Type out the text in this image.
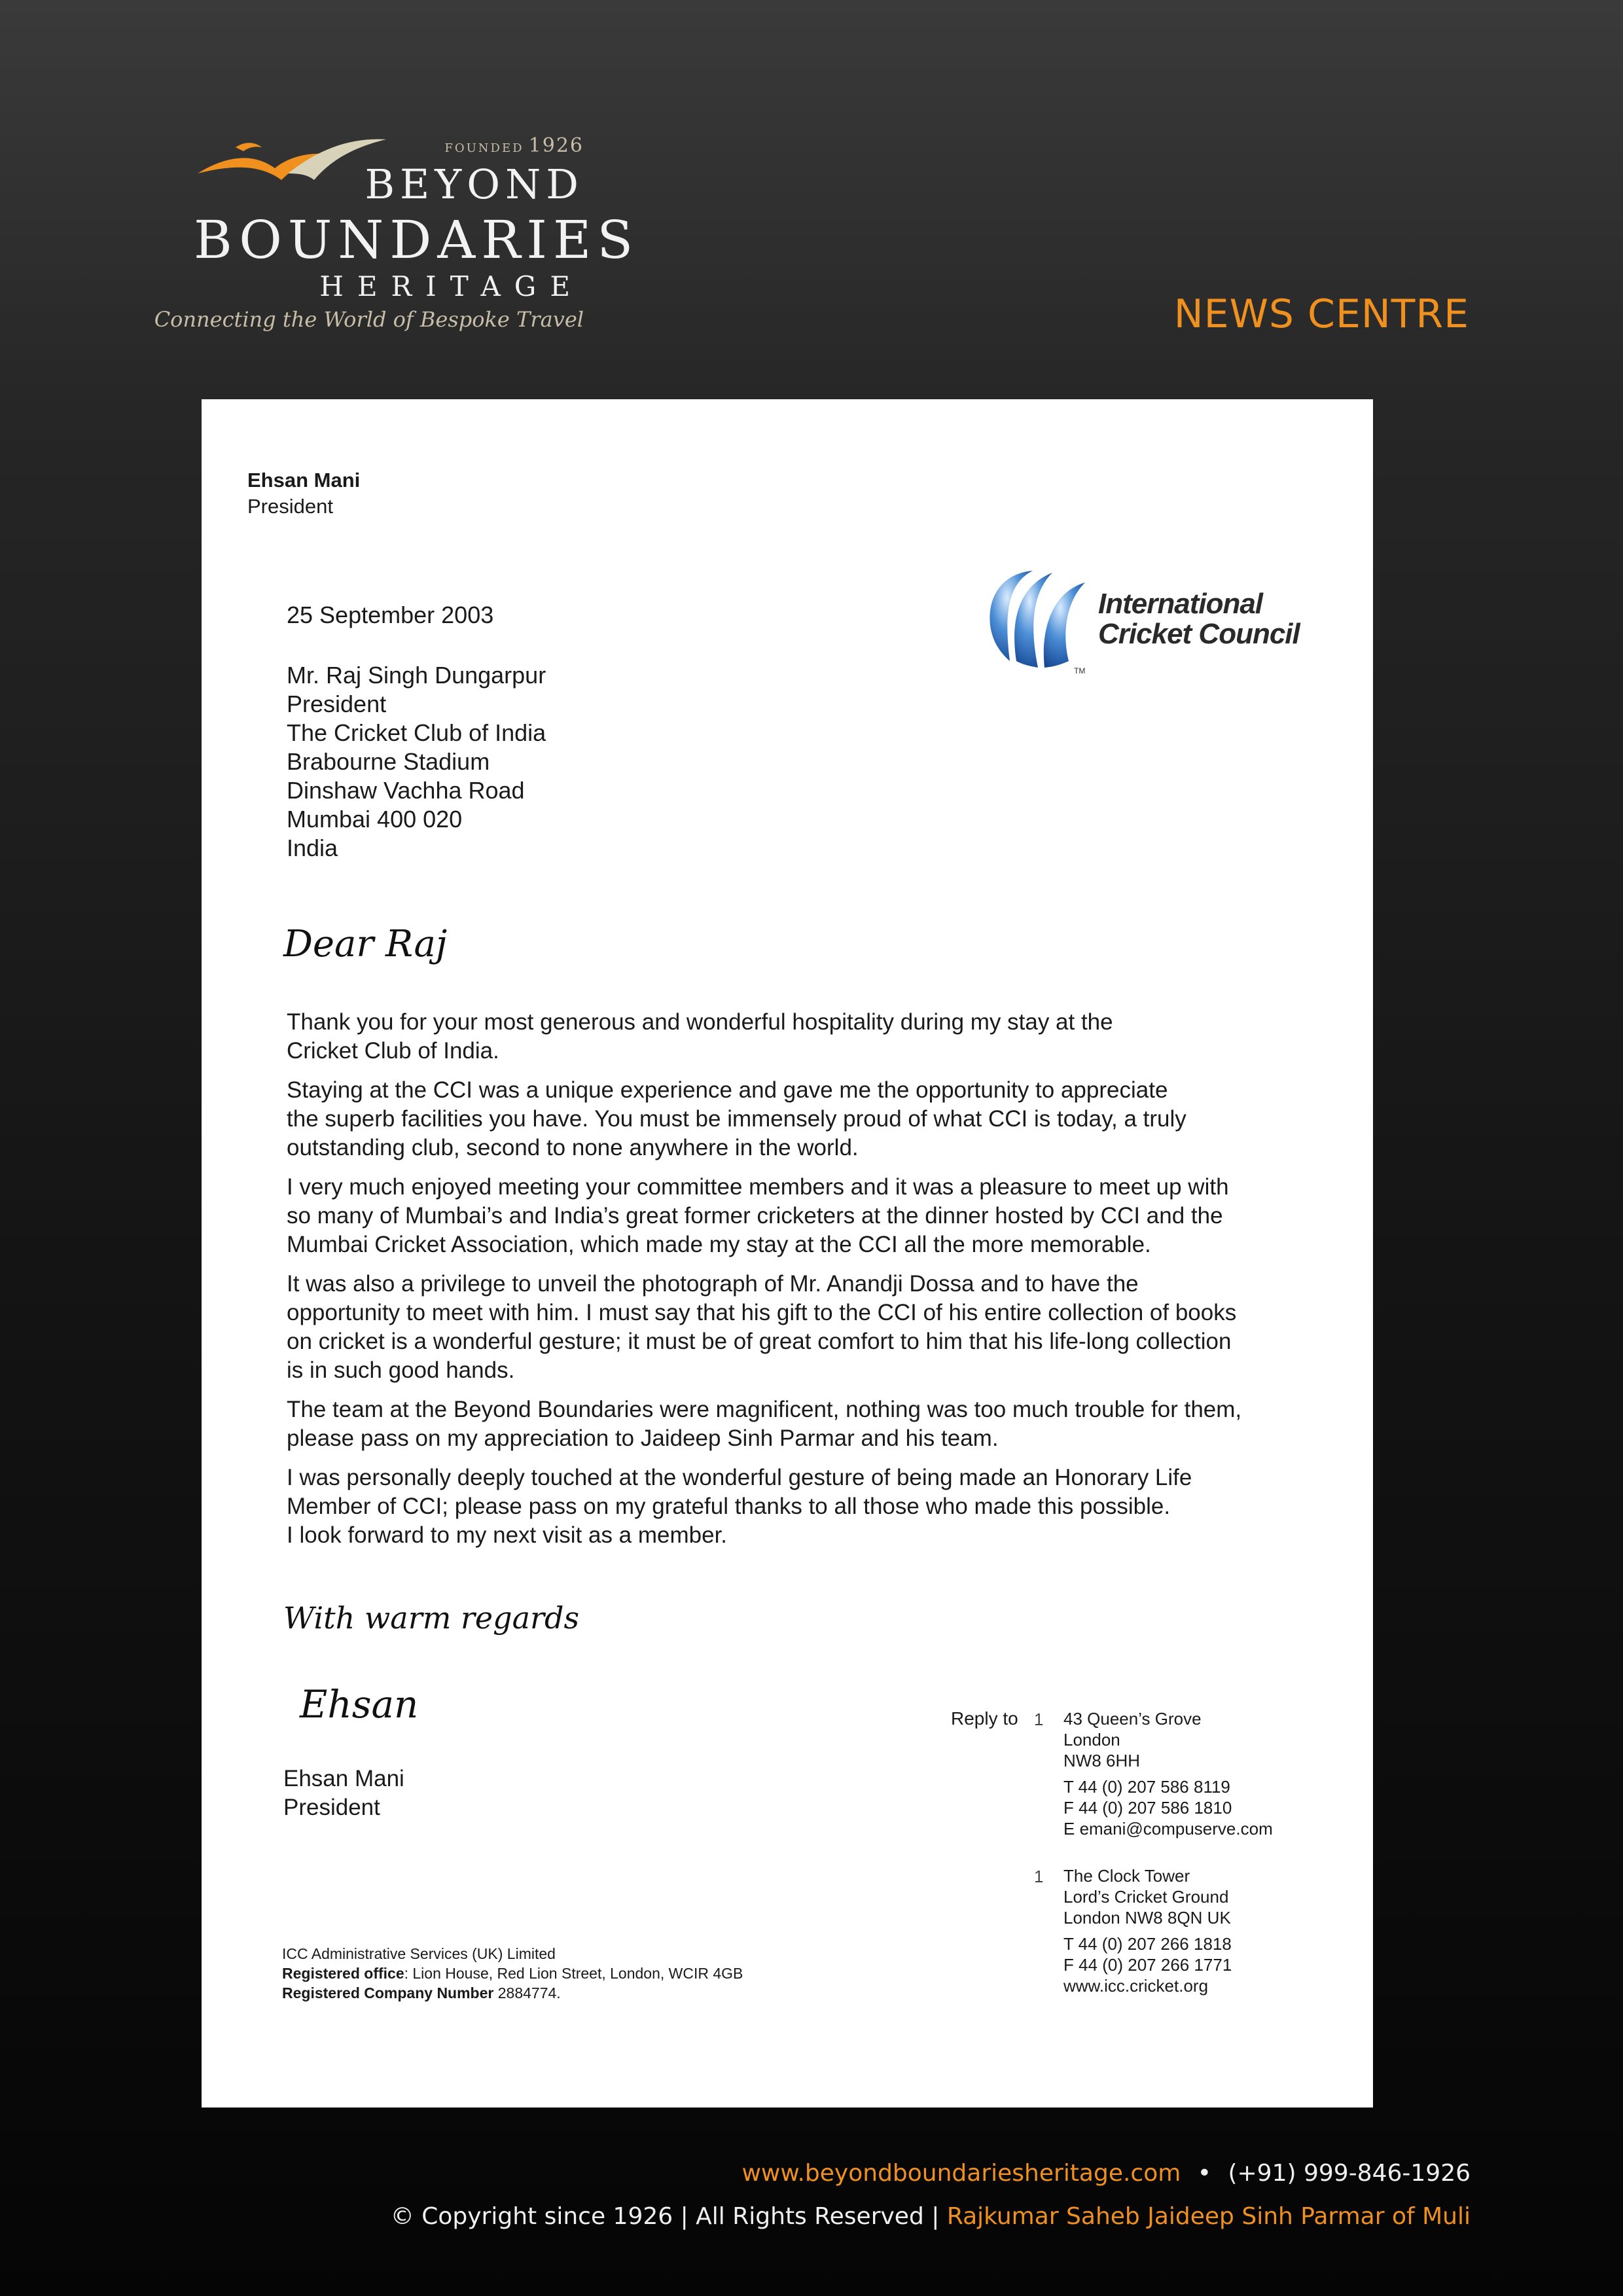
FOUNDED 1926
BEYOND
BOUNDARIES
HERITAGE
Connecting the World of Bespoke Travel	NEWS CENTRE
Ehsan Mani
President
International
Cricket Council
TM
25 September 2003
Mr. Raj Singh Dungarpur
President
The Cricket Club of India
Brabourne Stadium
Dinshaw Vachha Road
Mumbai 400 020
India
Dear Raj
Thank you for your most generous and wonderful hospitality during my stay at the
Cricket Club of India.
Staying at the CCI was a unique experience and gave me the opportunity to appreciate
the superb facilities you have. You must be immensely proud of what CCI is today, a truly
outstanding club, second to none anywhere in the world.
I very much enjoyed meeting your committee members and it was a pleasure to meet up with
so many of Mumbai’s and India’s great former cricketers at the dinner hosted by CCI and the
Mumbai Cricket Association, which made my stay at the CCI all the more memorable.
It was also a privilege to unveil the photograph of Mr. Anandji Dossa and to have the
opportunity to meet with him. I must say that his gift to the CCI of his entire collection of books
on cricket is a wonderful gesture; it must be of great comfort to him that his life-long collection
is in such good hands.
The team at the Beyond Boundaries were magnificent, nothing was too much trouble for them,
please pass on my appreciation to Jaideep Sinh Parmar and his team.
I was personally deeply touched at the wonderful gesture of being made an Honorary Life
Member of CCI; please pass on my grateful thanks to all those who made this possible.
I look forward to my next visit as a member.
With warm regards
Ehsan
Ehsan Mani
President
ICC Administrative Services (UK) Limited
Registered office: Lion House, Red Lion Street, London, WCIR 4GB
Registered Company Number 2884774.
Reply to 1 43 Queen’s Grove
London
NW8 6HH
T 44 (0) 207 586 8119
F 44 (0) 207 586 1810
E emani@compuserve.com
1 The Clock Tower
Lord’s Cricket Ground
London NW8 8QN UK
T 44 (0) 207 266 1818
F 44 (0) 207 266 1771
www.icc.cricket.org
www.beyondboundariesheritage.com • (+91) 999-846-1926
© Copyright since 1926 | All Rights Reserved | Rajkumar Saheb Jaideep Sinh Parmar of Muli
